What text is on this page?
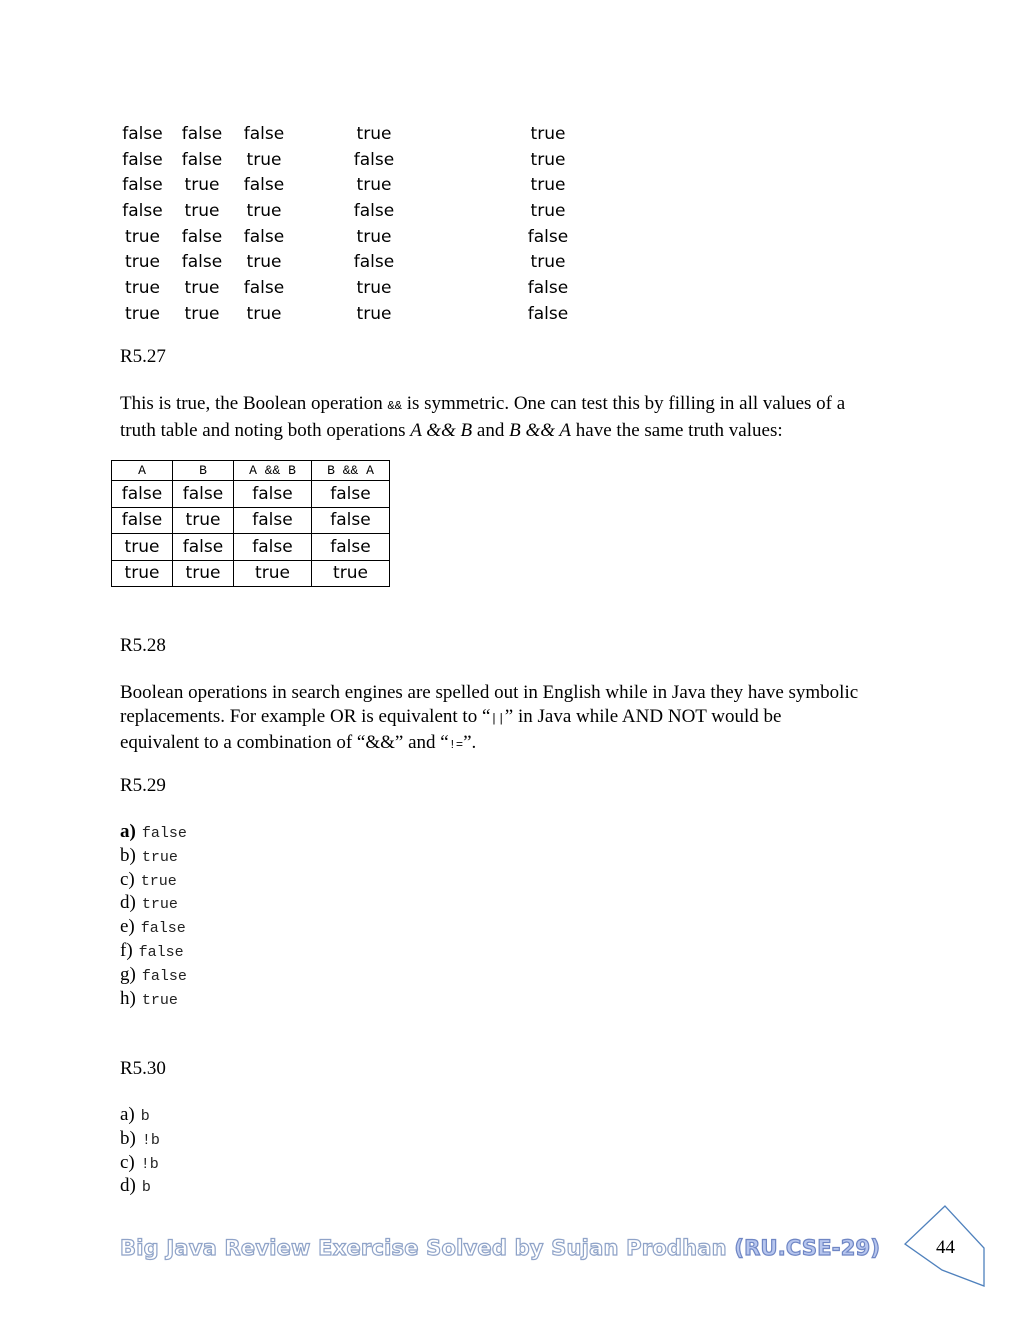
false	false	false	true	true
false	false	true	false	true
false	true	false	true	true
false	true	true	false	true
true	false	false	true	false
true	false	true	false	true
true	true	false	true	false
true	true	true	true	false
R5.27
This is true, the Boolean operation && is symmetric. One can test this by filling in all values of a
truth table and noting both operations A && B and B && A have the same truth values:
A	B	A && B	B && A
false	false	false	false
false	true	false	false
true	false	false	false
true	true	true	true
R5.28
Boolean operations in search engines are spelled out in English while in Java they have symbolic
replacements. For example OR is equivalent to “||” in Java while AND NOT would be
equivalent to a combination of “&&” and “!=”.
R5.29
a) false
b) true
c) true
d) true
e) false
f) false
g) false
h) true
R5.30
a) b
b) !b
c) !b
d) b
Big Java Review Exercise Solved by Sujan Prodhan (RU.CSE-29)	44
